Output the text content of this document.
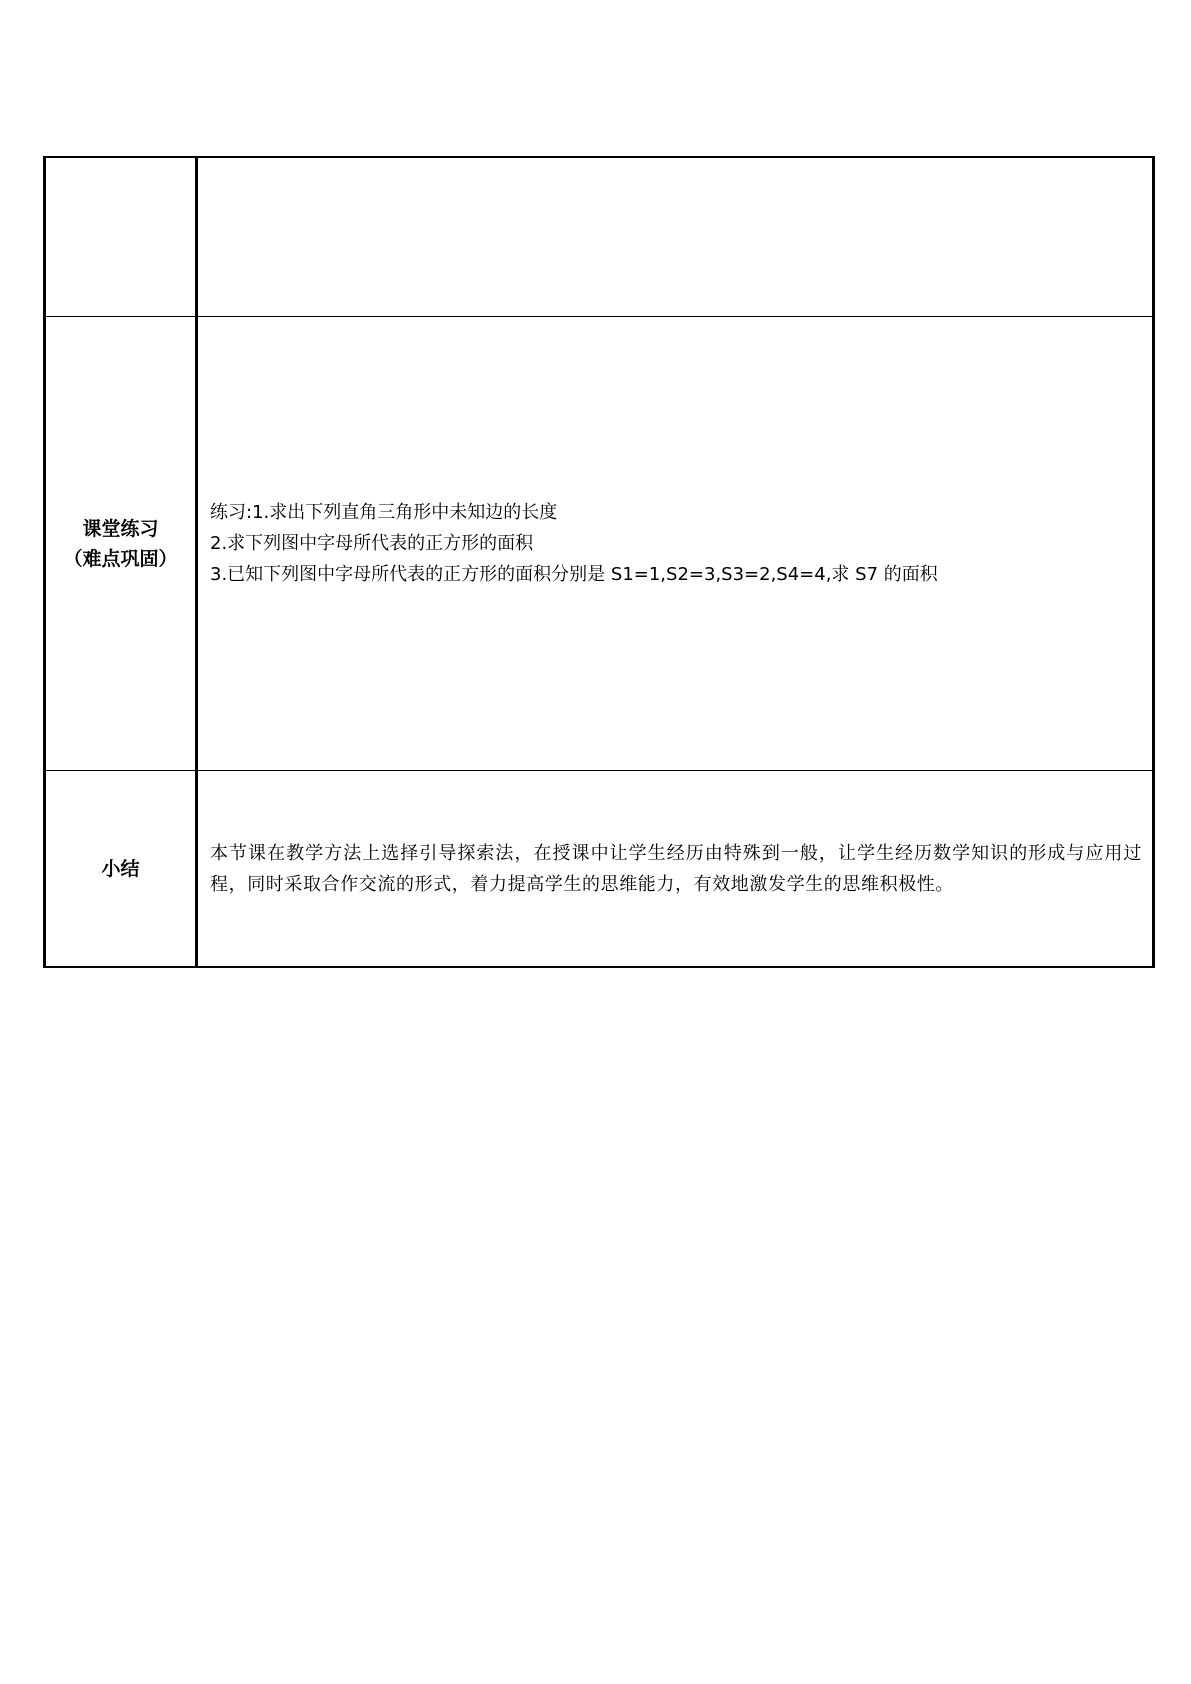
课堂练习
（难点巩固）	练习:1.求出下列直角三角形中未知边的长度
2.求下列图中字母所代表的正方形的面积
3.已知下列图中字母所代表的正方形的面积分别是 S1=1,S2=3,S3=2,S4=4,求 S7 的面积

小结	本节课在教学方法上选择引导探索法，在授课中让学生经历由特殊到一般，让学生经历数学知识的形成与应用过程，同时采取合作交流的形式，着力提高学生的思维能力，有效地激发学生的思维积极性。
